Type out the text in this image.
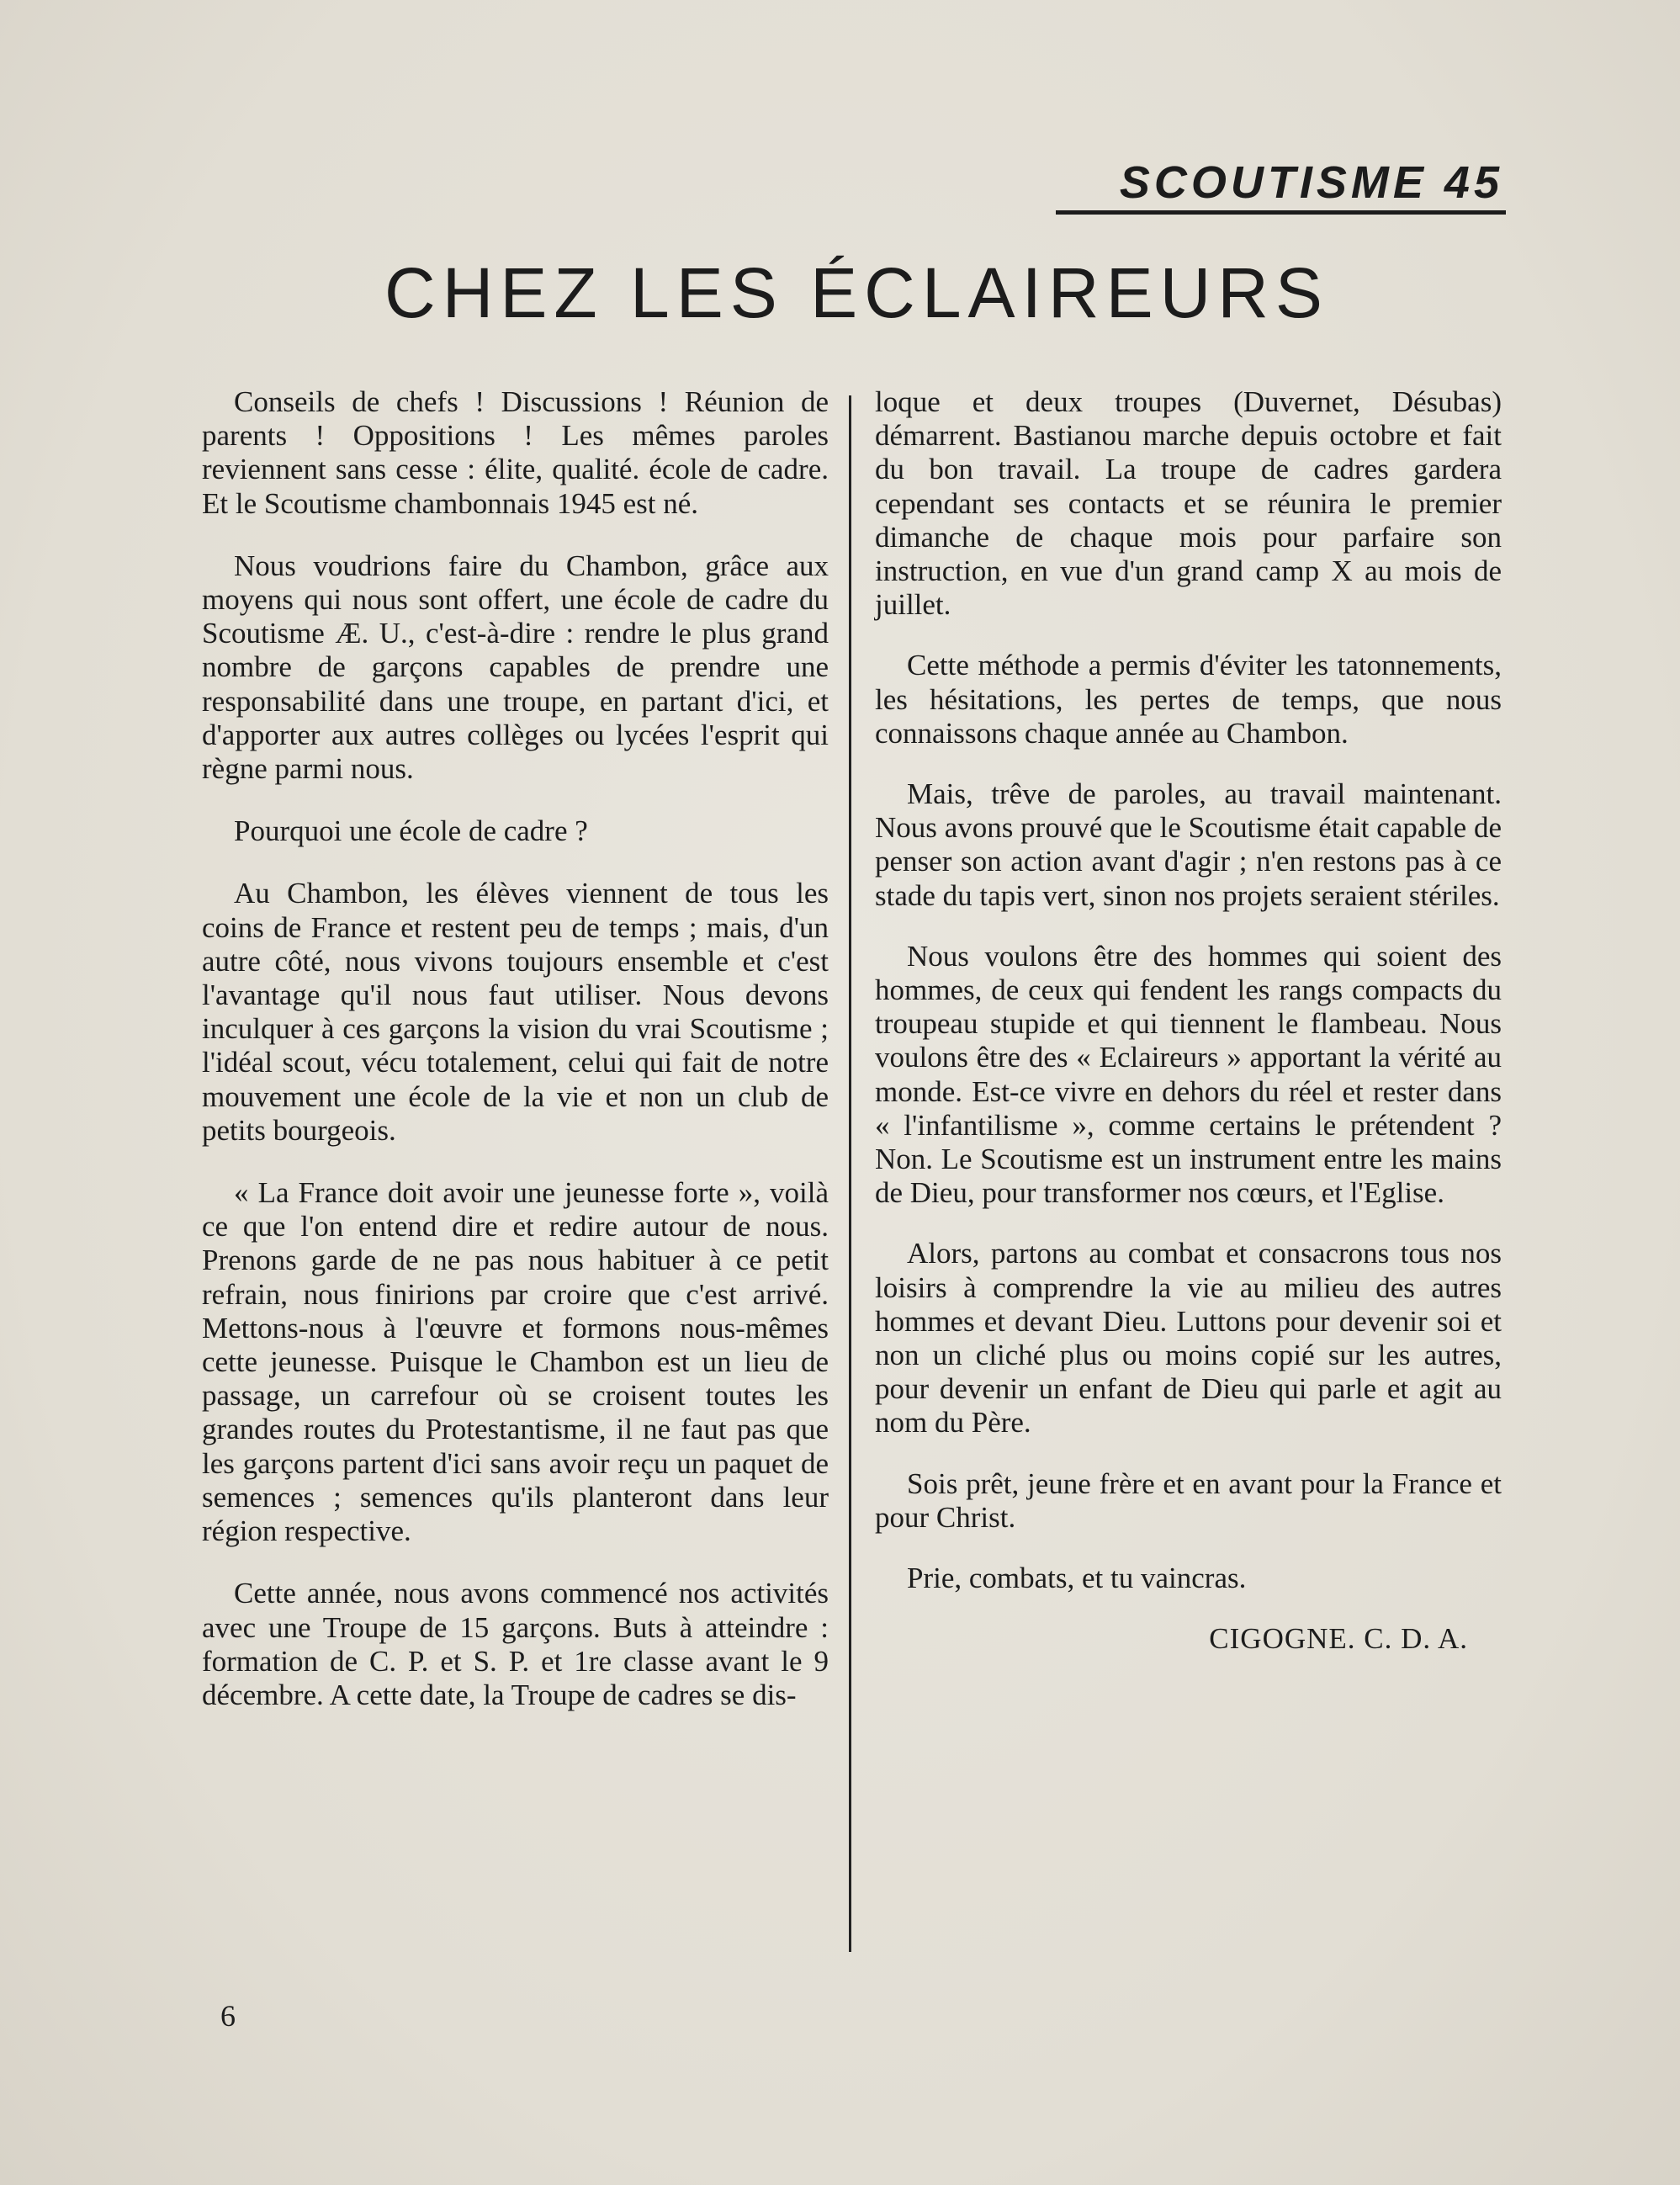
SCOUTISME 45
CHEZ LES ÉCLAIREURS

Conseils de chefs ! Discussions ! Réunion de parents ! Oppositions ! Les mêmes paroles reviennent sans cesse : élite, qualité. école de cadre. Et le Scoutisme chambonnais 1945 est né.

Nous voudrions faire du Chambon, grâce aux moyens qui nous sont offert, une école de cadre du Scoutisme Æ. U., c'est-à-dire : rendre le plus grand nombre de garçons capables de prendre une responsabilité dans une troupe, en partant d'ici, et d'apporter aux autres collèges ou lycées l'esprit qui règne parmi nous.

Pourquoi une école de cadre ?

Au Chambon, les élèves viennent de tous les coins de France et restent peu de temps ; mais, d'un autre côté, nous vivons toujours ensemble et c'est l'avantage qu'il nous faut utiliser. Nous devons inculquer à ces garçons la vision du vrai Scoutisme ; l'idéal scout, vécu totalement, celui qui fait de notre mouvement une école de la vie et non un club de petits bourgeois.

« La France doit avoir une jeunesse forte », voilà ce que l'on entend dire et redire autour de nous. Prenons garde de ne pas nous habituer à ce petit refrain, nous finirions par croire que c'est arrivé. Mettons-nous à l'œuvre et formons nous-mêmes cette jeunesse. Puisque le Chambon est un lieu de passage, un carrefour où se croisent toutes les grandes routes du Protestantisme, il ne faut pas que les garçons partent d'ici sans avoir reçu un paquet de semences ; semences qu'ils planteront dans leur région respective.

Cette année, nous avons commencé nos activités avec une Troupe de 15 garçons. Buts à atteindre : formation de C. P. et S. P. et 1re classe avant le 9 décembre. A cette date, la Troupe de cadres se dis-

loque et deux troupes (Duvernet, Désubas) démarrent. Bastianou marche depuis octobre et fait du bon travail. La troupe de cadres gardera cependant ses contacts et se réunira le premier dimanche de chaque mois pour parfaire son instruction, en vue d'un grand camp X au mois de juillet.

Cette méthode a permis d'éviter les tatonnements, les hésitations, les pertes de temps, que nous connaissons chaque année au Chambon.

Mais, trêve de paroles, au travail maintenant. Nous avons prouvé que le Scoutisme était capable de penser son action avant d'agir ; n'en restons pas à ce stade du tapis vert, sinon nos projets seraient stériles.

Nous voulons être des hommes qui soient des hommes, de ceux qui fendent les rangs compacts du troupeau stupide et qui tiennent le flambeau. Nous voulons être des « Eclaireurs » apportant la vérité au monde. Est-ce vivre en dehors du réel et rester dans « l'infantilisme », comme certains le prétendent ? Non. Le Scoutisme est un instrument entre les mains de Dieu, pour transformer nos cœurs, et l'Eglise.

Alors, partons au combat et consacrons tous nos loisirs à comprendre la vie au milieu des autres hommes et devant Dieu. Luttons pour devenir soi et non un cliché plus ou moins copié sur les autres, pour devenir un enfant de Dieu qui parle et agit au nom du Père.

Sois prêt, jeune frère et en avant pour la France et pour Christ.

Prie, combats, et tu vaincras.

CIGOGNE. C. D. A.
6
